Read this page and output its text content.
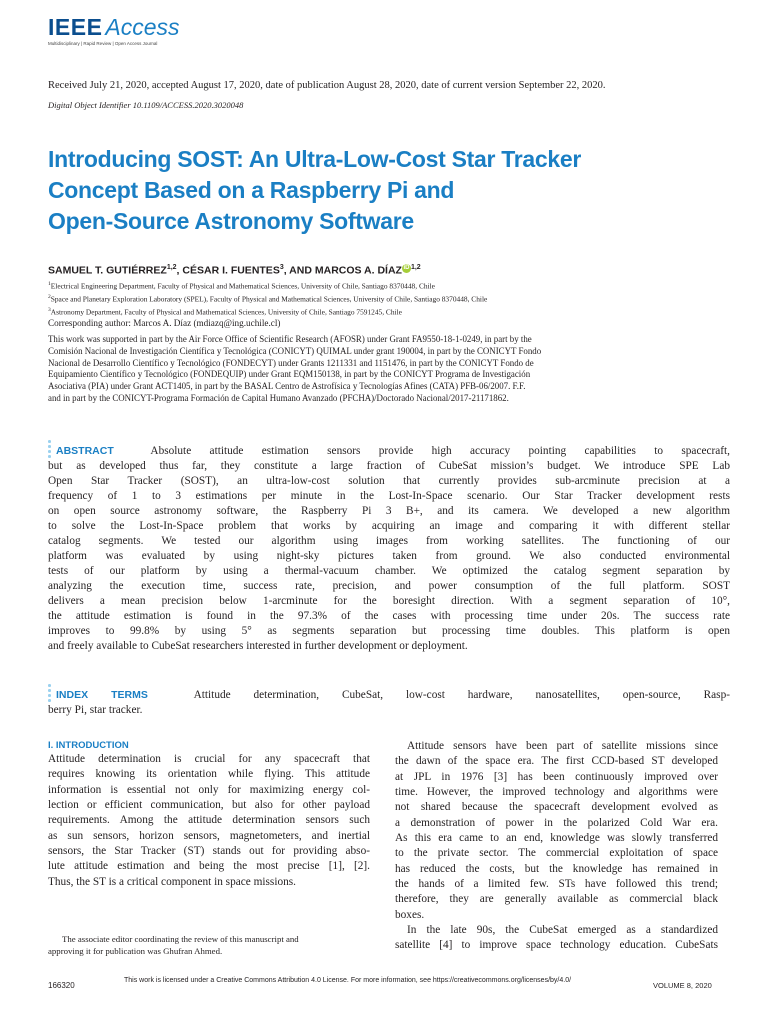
IEEE Access
Multidisciplinary | Rapid Review | Open Access Journal
Received July 21, 2020, accepted August 17, 2020, date of publication August 28, 2020, date of current version September 22, 2020.
Digital Object Identifier 10.1109/ACCESS.2020.3020048
Introducing SOST: An Ultra-Low-Cost Star Tracker
Concept Based on a Raspberry Pi and
Open-Source Astronomy Software
SAMUEL T. GUTIÉRREZ$^{1,2}$, CÉSAR I. FUENTES$^3$, AND MARCOS A. DÍAZ iD $^{1,2}$
$^1$Electrical Engineering Department, Faculty of Physical and Mathematical Sciences, University of Chile, Santiago 8370448, Chile
$^2$Space and Planetary Exploration Laboratory (SPEL), Faculty of Physical and Mathematical Sciences, University of Chile, Santiago 8370448, Chile
$^3$Astronomy Department, Faculty of Physical and Mathematical Sciences, University of Chile, Santiago 7591245, Chile
Corresponding author: Marcos A. Díaz (mdiazq@ing.uchile.cl)
This work was supported in part by the Air Force Office of Scientific Research (AFOSR) under Grant FA9550-18-1-0249, in part by the
Comisión Nacional de Investigación Científica y Tecnológica (CONICYT) QUIMAL under grant 190004, in part by the CONICYT Fondo
Nacional de Desarrollo Científico y Tecnológico (FONDECYT) under Grants 1211331 and 1151476, in part by the CONICYT Fondo de
Equipamiento Científico y Tecnológico (FONDEQUIP) under Grant EQM150138, in part by the CONICYT Programa de Investigación
Asociativa (PIA) under Grant ACT1405, in part by the BASAL Centro de Astrofísica y Tecnologías Afines (CATA) PFB-06/2007. F.F.
and in part by the CONICYT-Programa Formación de Capital Humano Avanzado (PFCHA)/Doctorado Nacional/2017-21171862.
ABSTRACT	Absolute attitude estimation sensors provide high accuracy pointing capabilities to spacecraft,
but as developed thus far, they constitute a large fraction of CubeSat mission’s budget. We introduce SPE Lab
Open Star Tracker (SOST), an ultra-low-cost solution that currently provides sub-arcminute precision at a
frequency of 1 to 3 estimations per minute in the Lost-In-Space scenario. Our Star Tracker development rests
on open source astronomy software, the Raspberry Pi 3 B+, and its camera. We developed a new algorithm
to solve the Lost-In-Space problem that works by acquiring an image and comparing it with different stellar
catalog segments. We tested our algorithm using images from working satellites. The functioning of our
platform was evaluated by using night-sky pictures taken from ground. We also conducted environmental
tests of our platform by using a thermal-vacuum chamber. We optimized the catalog segment separation by
analyzing the execution time, success rate, precision, and power consumption of the full platform. SOST
delivers a mean precision below 1-arcminute for the boresight direction. With a segment separation of 10°,
the attitude estimation is found in the 97.3% of the cases with processing time under 20s. The success rate
improves to 99.8% by using 5° as segments separation but processing time doubles. This platform is open
and freely available to CubeSat researchers interested in further development or deployment.
INDEX TERMS	Attitude determination, CubeSat, low-cost hardware, nanosatellites, open-source, Rasp-
berry Pi, star tracker.
I. INTRODUCTION
Attitude determination is crucial for any spacecraft that
requires knowing its orientation while flying. This attitude
information is essential not only for maximizing energy col-
lection or efficient communication, but also for other payload
requirements. Among the attitude determination sensors such
as sun sensors, horizon sensors, magnetometers, and inertial
sensors, the Star Tracker (ST) stands out for providing abso-
lute attitude estimation and being the most precise [1], [2].
Thus, the ST is a critical component in space missions.
The associate editor coordinating the review of this manuscript and
approving it for publication was Ghufran Ahmed.
Attitude sensors have been part of satellite missions since
the dawn of the space era. The first CCD-based ST developed
at JPL in 1976 [3] has been continuously improved over
time. However, the improved technology and algorithms were
not shared because the spacecraft development evolved as
a demonstration of power in the polarized Cold War era.
As this era came to an end, knowledge was slowly transferred
to the private sector. The commercial exploitation of space
has reduced the costs, but the knowledge has remained in
the hands of a limited few. STs have followed this trend;
therefore, they are generally available as commercial black
boxes.
In the late 90s, the CubeSat emerged as a standardized
satellite [4] to improve space technology education. CubeSats
166320
This work is licensed under a Creative Commons Attribution 4.0 License. For more information, see https://creativecommons.org/licenses/by/4.0/
VOLUME 8, 2020
